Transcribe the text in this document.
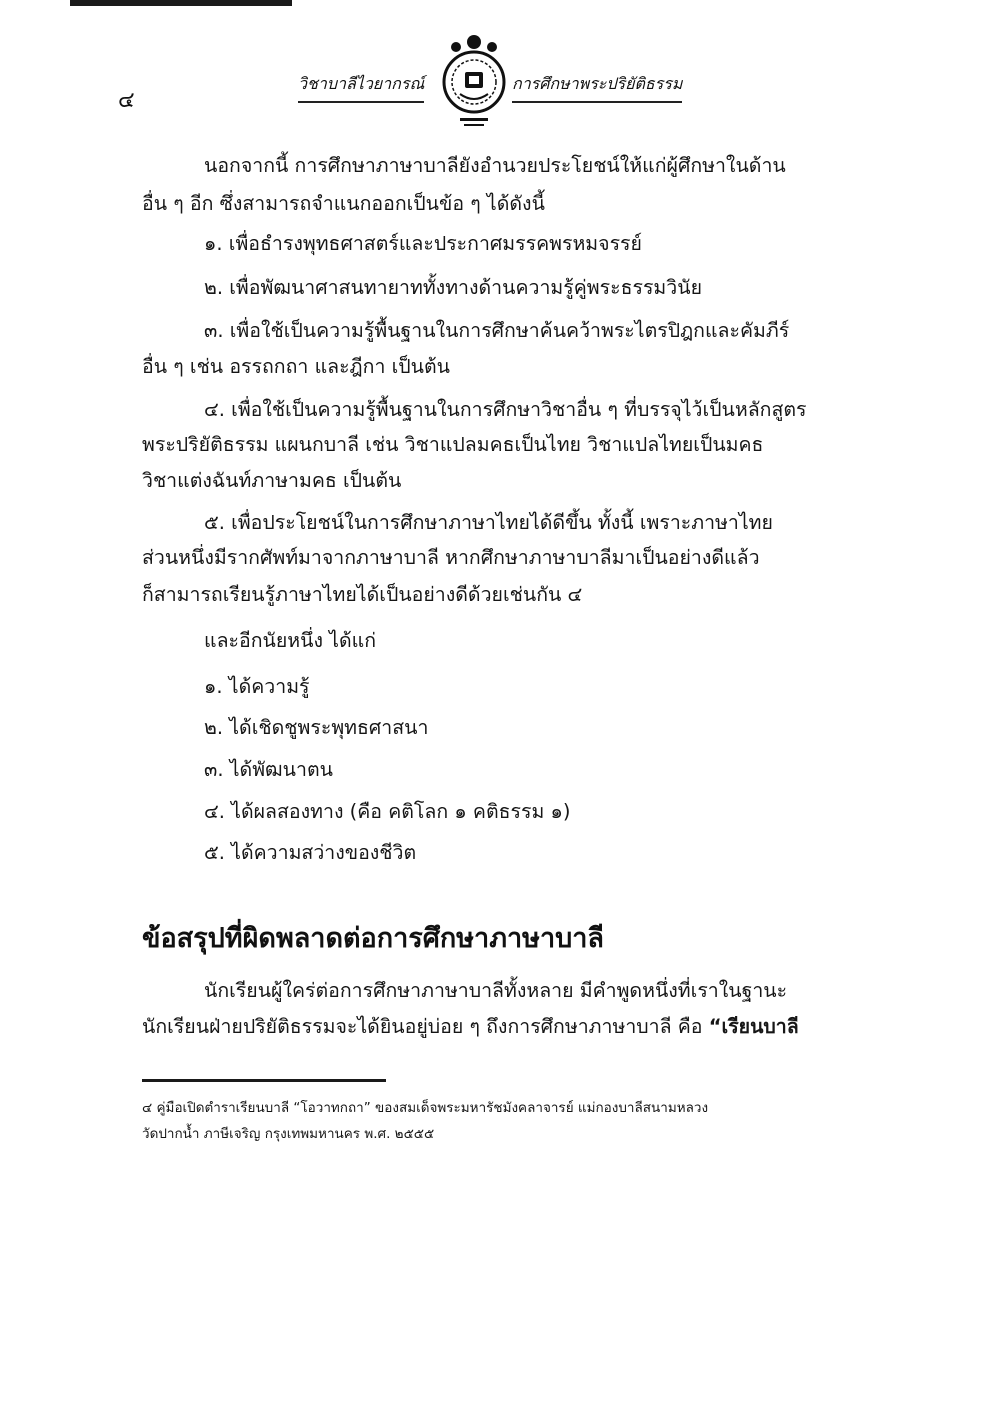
๔
วิชาบาลีไวยากรณ์	การศึกษาพระปริยัติธรรม
นอกจากนี้ การศึกษาภาษาบาลียังอำนวยประโยชน์ให้แก่ผู้ศึกษาในด้าน
อื่น ๆ อีก ซึ่งสามารถจำแนกออกเป็นข้อ ๆ ได้ดังนี้
๑. เพื่อธำรงพุทธศาสตร์และประกาศมรรคพรหมจรรย์
๒. เพื่อพัฒนาศาสนทายาททั้งทางด้านความรู้คู่พระธรรมวินัย
๓. เพื่อใช้เป็นความรู้พื้นฐานในการศึกษาค้นคว้าพระไตรปิฎกและคัมภีร์
อื่น ๆ เช่น อรรถกถา และฎีกา เป็นต้น
๔. เพื่อใช้เป็นความรู้พื้นฐานในการศึกษาวิชาอื่น ๆ ที่บรรจุไว้เป็นหลักสูตร
พระปริยัติธรรม แผนกบาลี เช่น วิชาแปลมคธเป็นไทย วิชาแปลไทยเป็นมคธ
วิชาแต่งฉันท์ภาษามคธ เป็นต้น
๕. เพื่อประโยชน์ในการศึกษาภาษาไทยได้ดีขึ้น ทั้งนี้ เพราะภาษาไทย
ส่วนหนึ่งมีรากศัพท์มาจากภาษาบาลี หากศึกษาภาษาบาลีมาเป็นอย่างดีแล้ว
ก็สามารถเรียนรู้ภาษาไทยได้เป็นอย่างดีด้วยเช่นกัน ๔
และอีกนัยหนึ่ง ได้แก่
๑. ได้ความรู้
๒. ได้เชิดชูพระพุทธศาสนา
๓. ได้พัฒนาตน
๔. ได้ผลสองทาง (คือ คติโลก ๑ คติธรรม ๑)
๕. ได้ความสว่างของชีวิต
ข้อสรุปที่ผิดพลาดต่อการศึกษาภาษาบาลี
นักเรียนผู้ใคร่ต่อการศึกษาภาษาบาลีทั้งหลาย มีคำพูดหนึ่งที่เราในฐานะ
นักเรียนฝ่ายปริยัติธรรมจะได้ยินอยู่บ่อย ๆ ถึงการศึกษาภาษาบาลี คือ “เรียนบาลี
๔ คู่มือเปิดตำราเรียนบาลี “โอวาทกถา” ของสมเด็จพระมหารัชมังคลาจารย์ แม่กองบาลีสนามหลวง
วัดปากน้ำ ภาษีเจริญ กรุงเทพมหานคร พ.ศ. ๒๕๕๕
